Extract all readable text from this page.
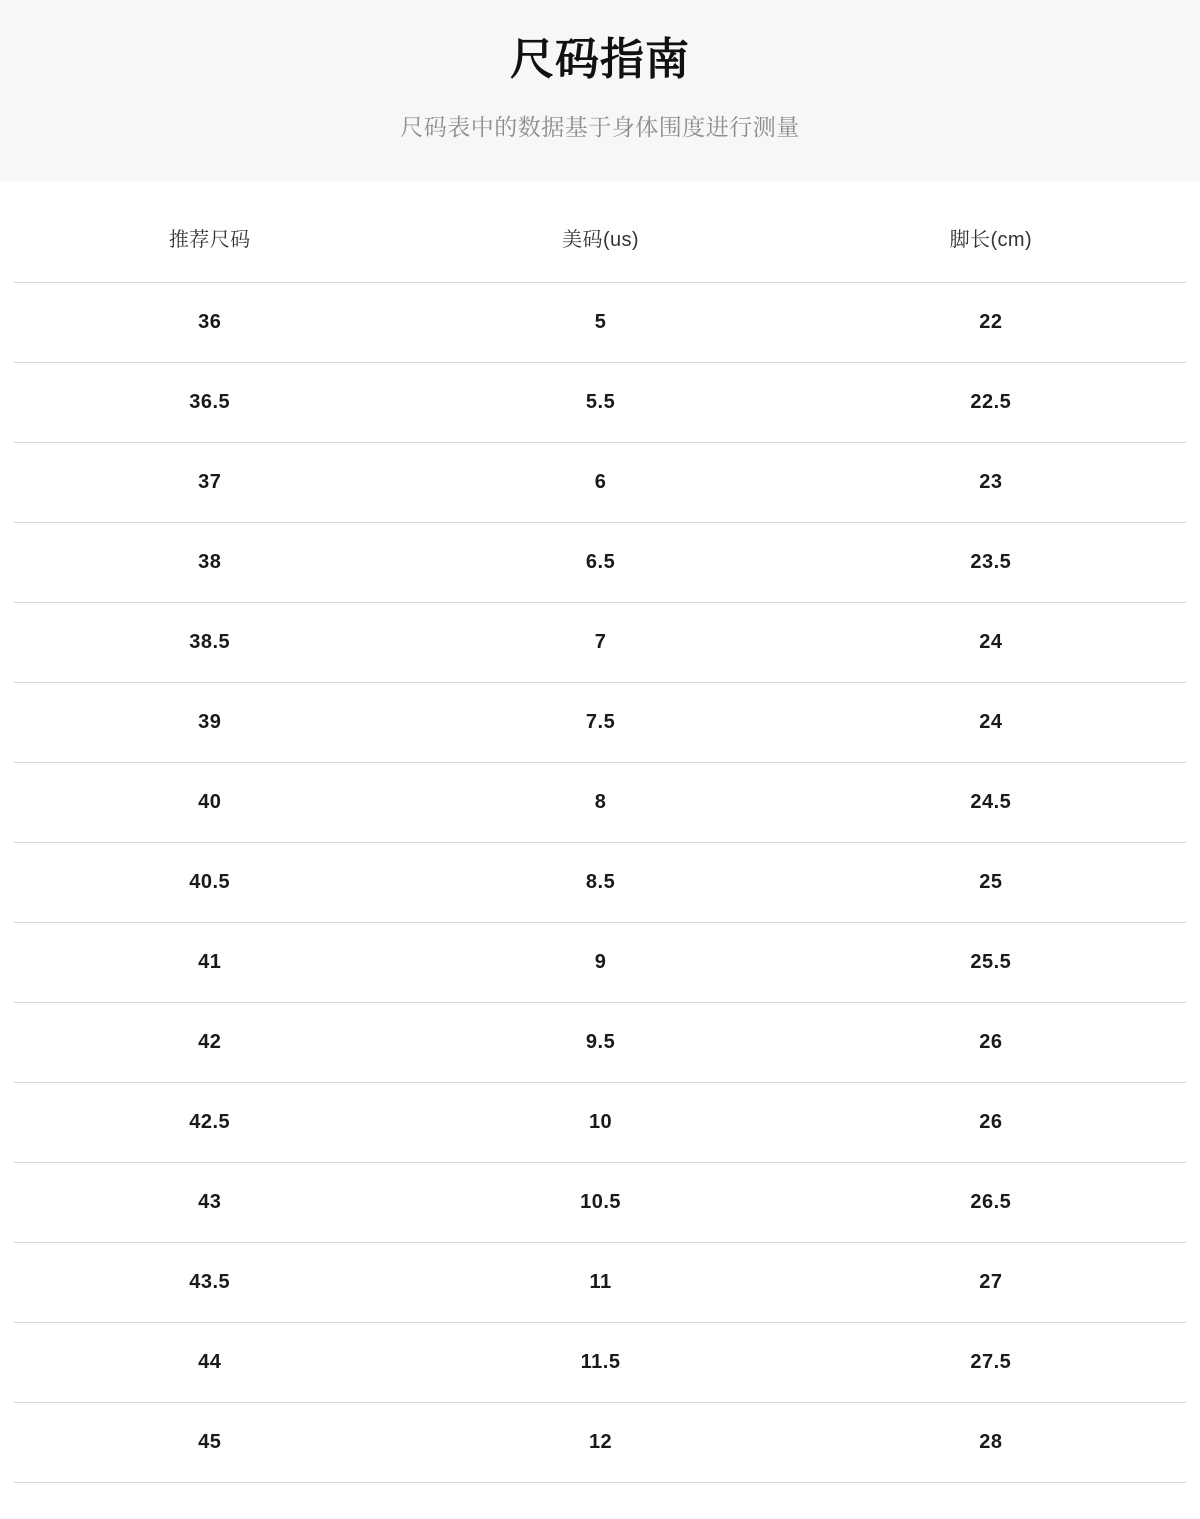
尺码指南

尺码表中的数据基于身体围度进行测量

推荐尺码	美码(us)	脚长(cm)
36	5	22
36.5	5.5	22.5
37	6	23
38	6.5	23.5
38.5	7	24
39	7.5	24
40	8	24.5
40.5	8.5	25
41	9	25.5
42	9.5	26
42.5	10	26
43	10.5	26.5
43.5	11	27
44	11.5	27.5
45	12	28
